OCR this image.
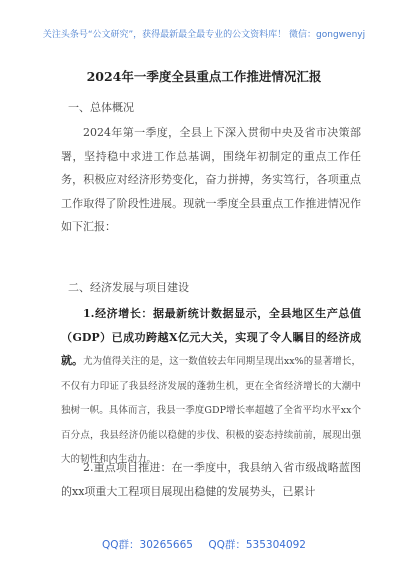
关注头条号“公文研究”，获得最新最全最专业的公文资料库！ 微信：gongwenyj
2024年一季度全县重点工作推进情况汇报
一、总体概况

2024年第一季度，全县上下深入贯彻中央及省市决策部署，坚持稳中求进工作总基调，围绕年初制定的重点工作任务，积极应对经济形势变化，奋力拼搏，务实笃行，各项重点工作取得了阶段性进展。现就一季度全县重点工作推进情况作如下汇报：

二、经济发展与项目建设

1.经济增长：据最新统计数据显示，全县地区生产总值（GDP）已成功跨越X亿元大关，实现了令人瞩目的经济成就。尤为值得关注的是，这一数值较去年同期呈现出xx%的显著增长，不仅有力印证了我县经济发展的蓬勃生机，更在全省经济增长的大潮中独树一帜。具体而言，我县一季度GDP增长率超越了全省平均水平xx个百分点，我县经济仍能以稳健的步伐、积极的姿态持续前前，展现出强大的韧性和内生动力。

2.重点项目推进：在一季度中，我县纳入省市级战略蓝图的xx项重大工程项目展现出稳健的发展势头，已累计

QQ群：30265665 QQ群：535304092
